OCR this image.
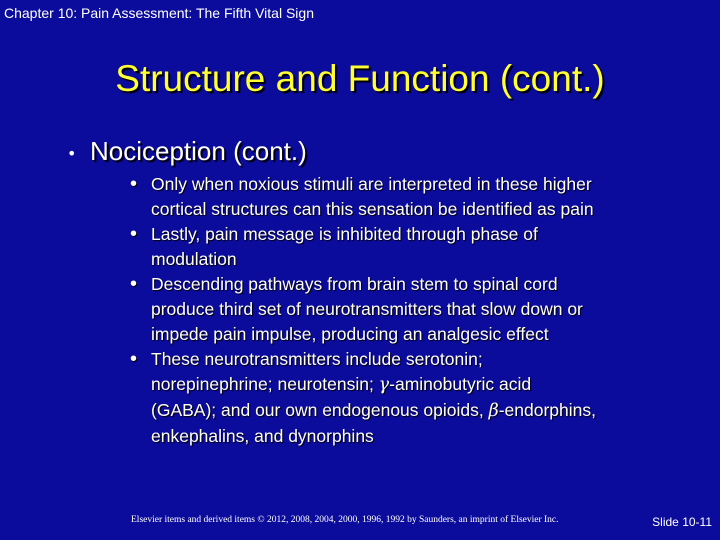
Chapter 10: Pain Assessment: The Fifth Vital Sign
Structure and Function (cont.)
• Nociception (cont.)
• Only when noxious stimuli are interpreted in these higher
cortical structures can this sensation be identified as pain
• Lastly, pain message is inhibited through phase of
modulation
• Descending pathways from brain stem to spinal cord
produce third set of neurotransmitters that slow down or
impede pain impulse, producing an analgesic effect
• These neurotransmitters include serotonin;
norepinephrine; neurotensin; γ-aminobutyric acid
(GABA); and our own endogenous opioids, β-endorphins,
enkephalins, and dynorphins
Elsevier items and derived items © 2012, 2008, 2004, 2000, 1996, 1992 by Saunders, an imprint of Elsevier Inc.	Slide 10-11
